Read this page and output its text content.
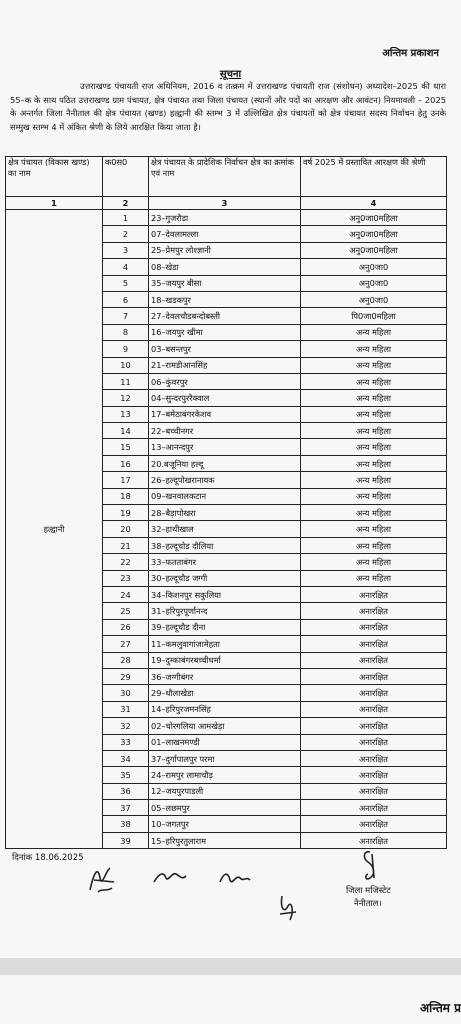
अन्तिम प्रकाशन
सूचना
उत्तराखण्ड पंचायती राज अधिनियम, 2016 व तत्क्रम में उत्तराखण्ड पंचायती राज (संशोधन) अध्यादेश–2025 की धारा 55–क के साथ पठित उत्तराखण्ड ग्राम पंचायत, क्षेत्र पंचायत तथा जिला पंचायत (स्थानों और पदों का आरक्षण और आवंटन) नियमावली – 2025 के अन्तर्गत जिला नैनीताल की क्षेत्र पंचायत (खण्ड) हल्द्वानी की स्तम्भ 3 में उल्लिखित क्षेत्र पंचायतों को क्षेत्र पंचायत सदस्य निर्वाचन हेतु उनके सम्मुख स्तम्भ 4 में अंकित श्रेणी के लिये आरक्षित किया जाता है।
क्षेत्र पंचायत (विकास खण्ड) का नाम	क0स0	क्षेत्र पंचायत के प्रादेशिक निर्वाचन क्षेत्र का क्रमांक एवं नाम	वर्ष 2025 में प्रस्तावित आरक्षण की श्रेणी
1	2	3	4
हल्द्वानी	1	23–गुजरौडा	अनु0जा0महिला
	2	07–देवलामल्ला	अनु0जा0महिला
	3	25–प्रेमपुर लोश्ज्ञानी	अनु0जा0महिला
	4	08–खेडा	अनु0जा0
	5	35–जयपुर बीसा	अनु0जा0
	6	18–खडकपुर	अनु0जा0
	7	27–देवलचौडबन्दोबस्ती	पि0जा0महिला
	8	16–जयपुर खीमा	अन्य महिला
	9	03–बसन्तपुर	अन्य महिला
	10	21–रामडीआनसिंह	अन्य महिला
	11	06–कुंवरपुर	अन्य महिला
	12	04–सुन्दरपुररैक्वाल	अन्य महिला
	13	17–बमेठाबंगरकेशव	अन्य महिला
	14	22–बच्चीनगर	अन्य महिला
	15	13–आनन्दपुर	अन्य महिला
	16	20.बजूनिया हल्दू	अन्य महिला
	17	26–हल्दूपोखरानायक	अन्य महिला
	18	09–खनवालकटान	अन्य महिला
	19	28–बैड़ापोखरा	अन्य महिला
	20	32–हाथीखाल	अन्य महिला
	21	38–हल्दूचोड दौलिया	अन्य महिला
	22	33–फतताबंगर	अन्य महिला
	23	30–हल्दूचौड जग्गी	अन्य महिला
	24	34–किशनपुर सकुलिया	अनारक्षित
	25	31–हरिपुरपूर्णानन्द	अनारक्षित
	26	39–हल्दूचौड दीना	अनारक्षित
	27	11–कमलुवागांजामेहता	अनारक्षित
	28	19–दुम्काबंगरबच्चीधर्मा	अनारक्षित
	29	36–जग्गीबंगर	अनारक्षित
	30	29–धौलाखेडा	अनारक्षित
	31	14–हरिपुरजमनसिंह	अनारक्षित
	32	02–चोरगलिया आमखेड़ा	अनारक्षित
	33	01–लाखनमण्डी	अनारक्षित
	34	37–दुर्गापालपुर परमा	अनारक्षित
	35	24–रामपुर लामाचौड़	अनारक्षित
	36	12–जयपुरपाडली	अनारक्षित
	37	05–लछमपुर	अनारक्षित
	38	10–जगतपुर	अनारक्षित
	39	15–हरिपुरतुलाराम	अनारक्षित
दिनांक 18.06.2025
जिला मजिस्टेट
नैनीताल।
अन्तिम प्र
